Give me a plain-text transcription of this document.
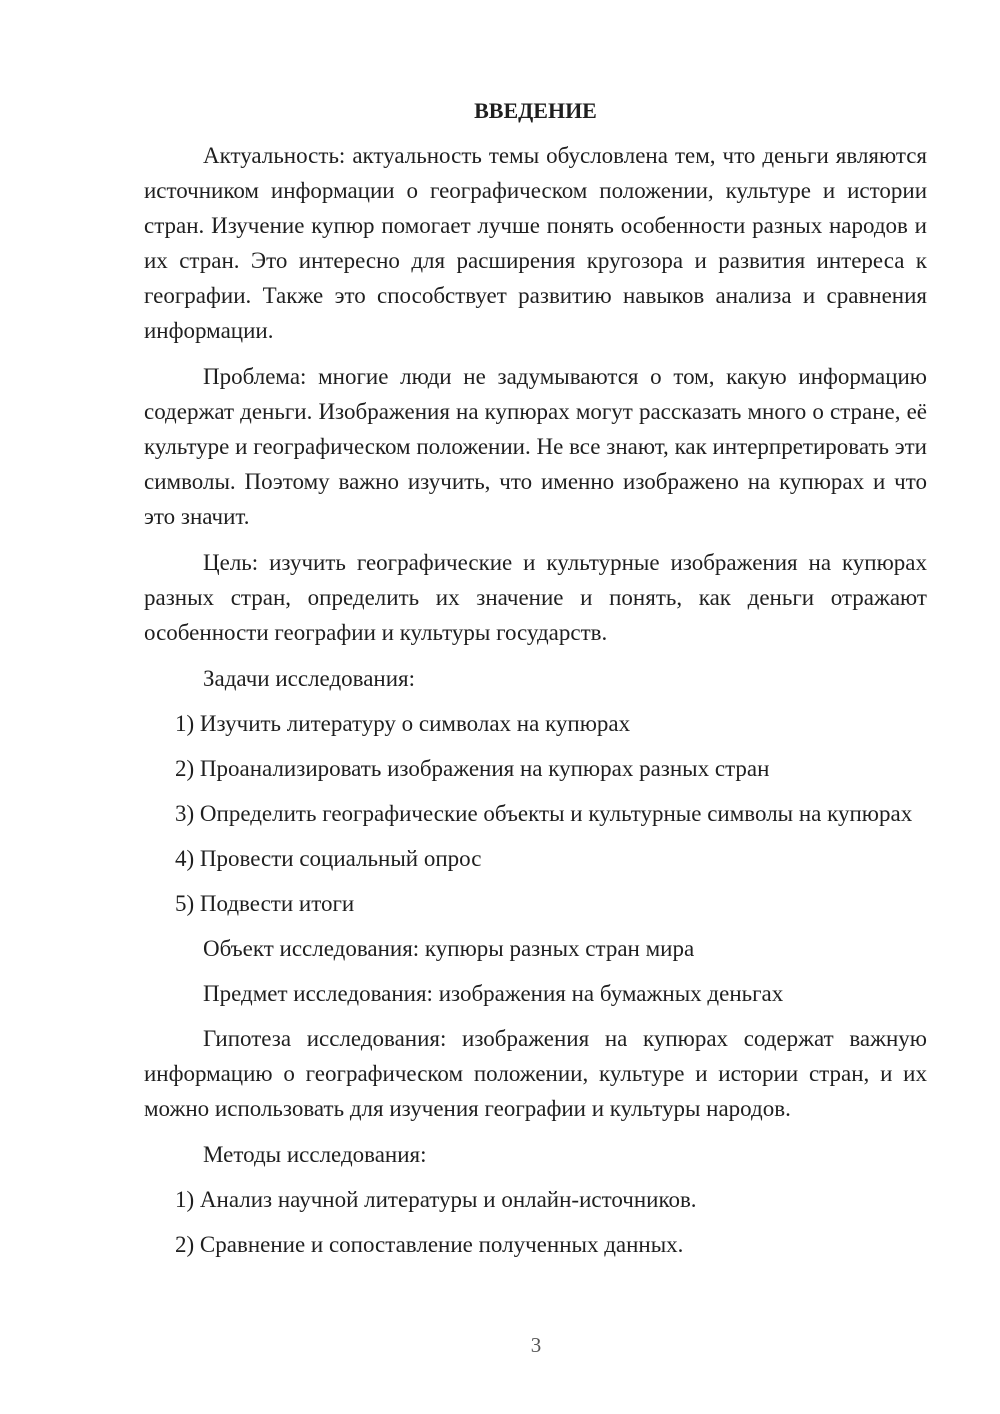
ВВЕДЕНИЕ
Актуальность: актуальность темы обусловлена тем, что деньги являются источником информации о географическом положении, культуре и истории стран. Изучение купюр помогает лучше понять особенности разных народов и их стран. Это интересно для расширения кругозора и развития интереса к географии. Также это способствует развитию навыков анализа и сравнения информации.
Проблема: многие люди не задумываются о том, какую информацию содержат деньги. Изображения на купюрах могут рассказать много о стране, её культуре и географическом положении. Не все знают, как интерпретировать эти символы. Поэтому важно изучить, что именно изображено на купюрах и что это значит.
Цель: изучить географические и культурные изображения на купюрах разных стран, определить их значение и понять, как деньги отражают особенности географии и культуры государств.
Задачи исследования:
1) Изучить литературу о символах на купюрах
2) Проанализировать изображения на купюрах разных стран
3) Определить географические объекты и культурные символы на купюрах
4) Провести социальный опрос
5) Подвести итоги
Объект исследования: купюры разных стран мира
Предмет исследования: изображения на бумажных деньгах
Гипотеза исследования: изображения на купюрах содержат важную информацию о географическом положении, культуре и истории стран, и их можно использовать для изучения географии и культуры народов.
Методы исследования:
1) Анализ научной литературы и онлайн-источников.
2) Сравнение и сопоставление полученных данных.
3
